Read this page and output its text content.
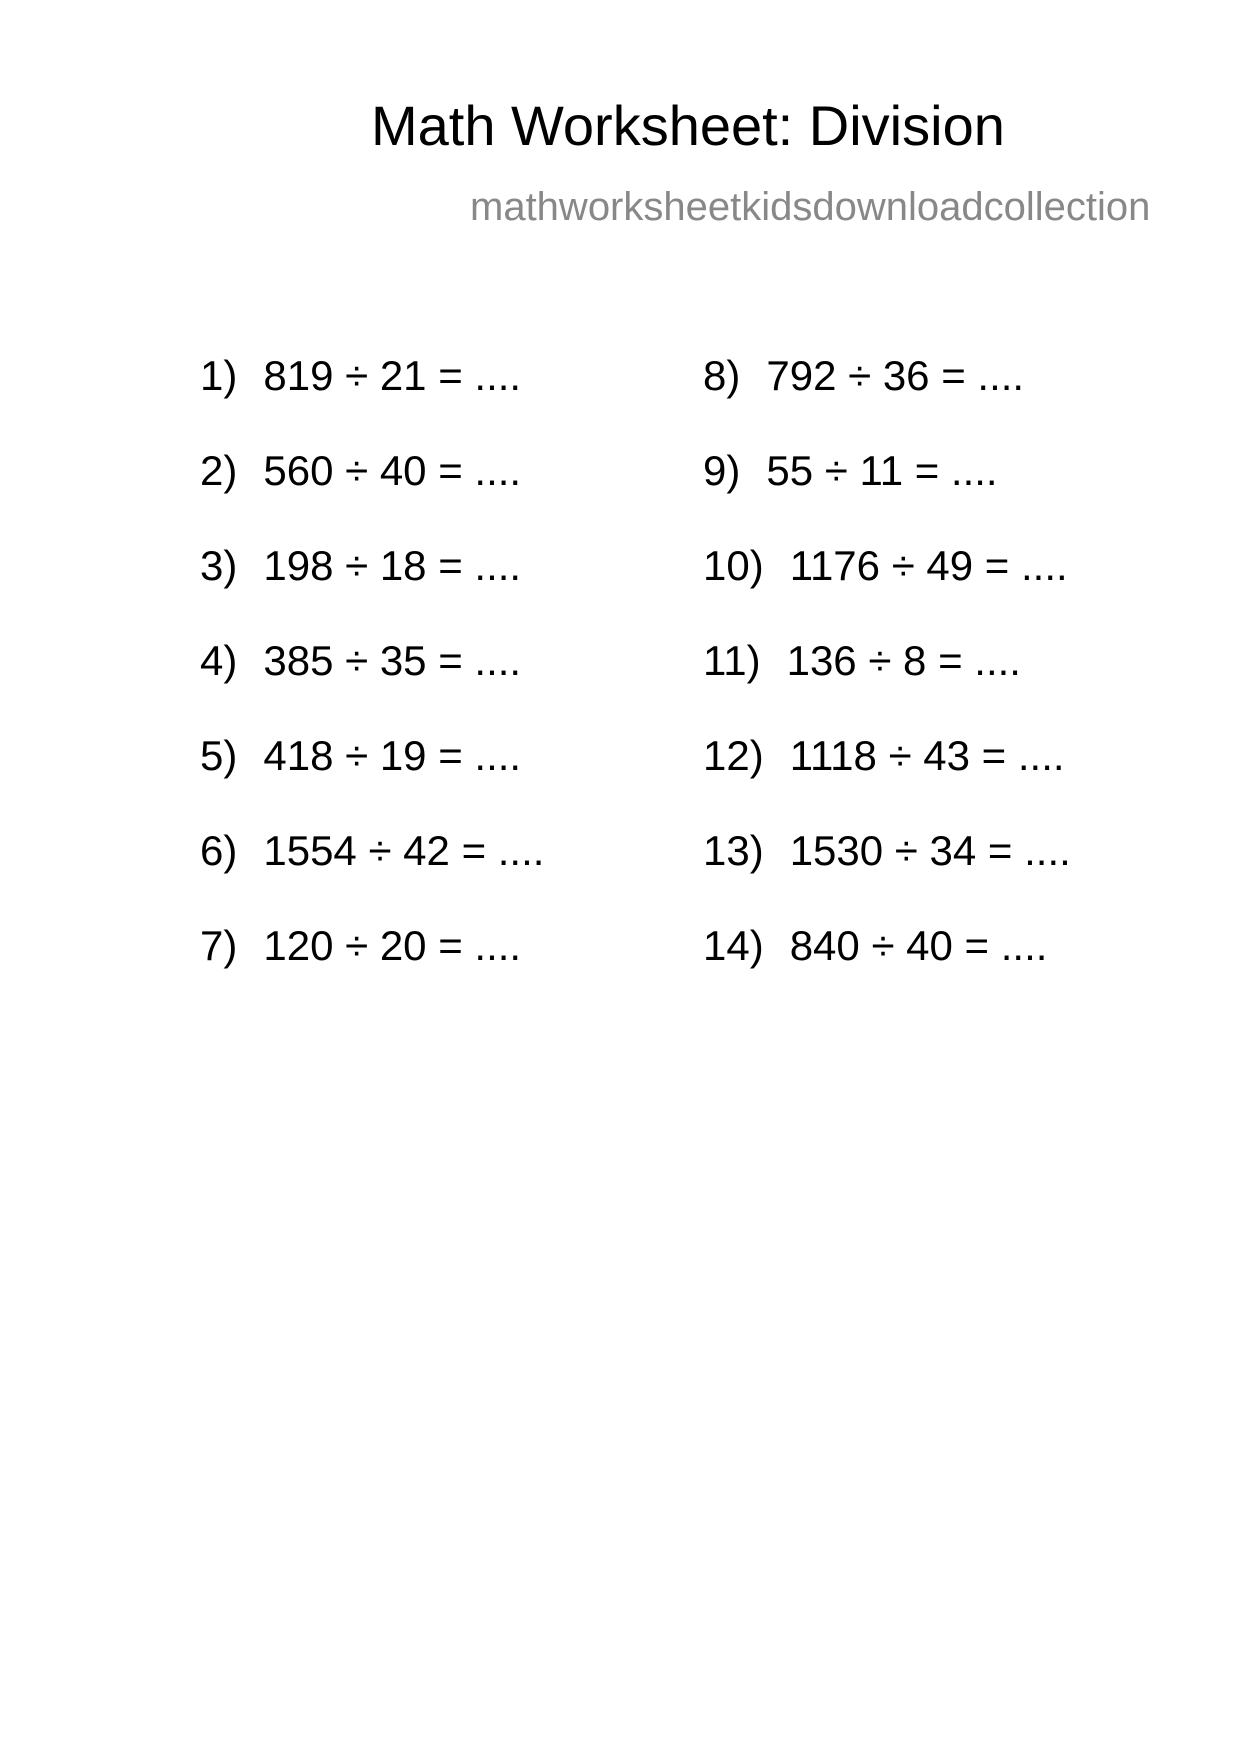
Math Worksheet: Division
mathworksheetkidsdownloadcollection
1) 819 ÷ 21 = ....
2) 560 ÷ 40 = ....
3) 198 ÷ 18 = ....
4) 385 ÷ 35 = ....
5) 418 ÷ 19 = ....
6) 1554 ÷ 42 = ....
7) 120 ÷ 20 = ....
8) 792 ÷ 36 = ....
9) 55 ÷ 11 = ....
10) 1176 ÷ 49 = ....
11) 136 ÷ 8 = ....
12) 1118 ÷ 43 = ....
13) 1530 ÷ 34 = ....
14) 840 ÷ 40 = ....
